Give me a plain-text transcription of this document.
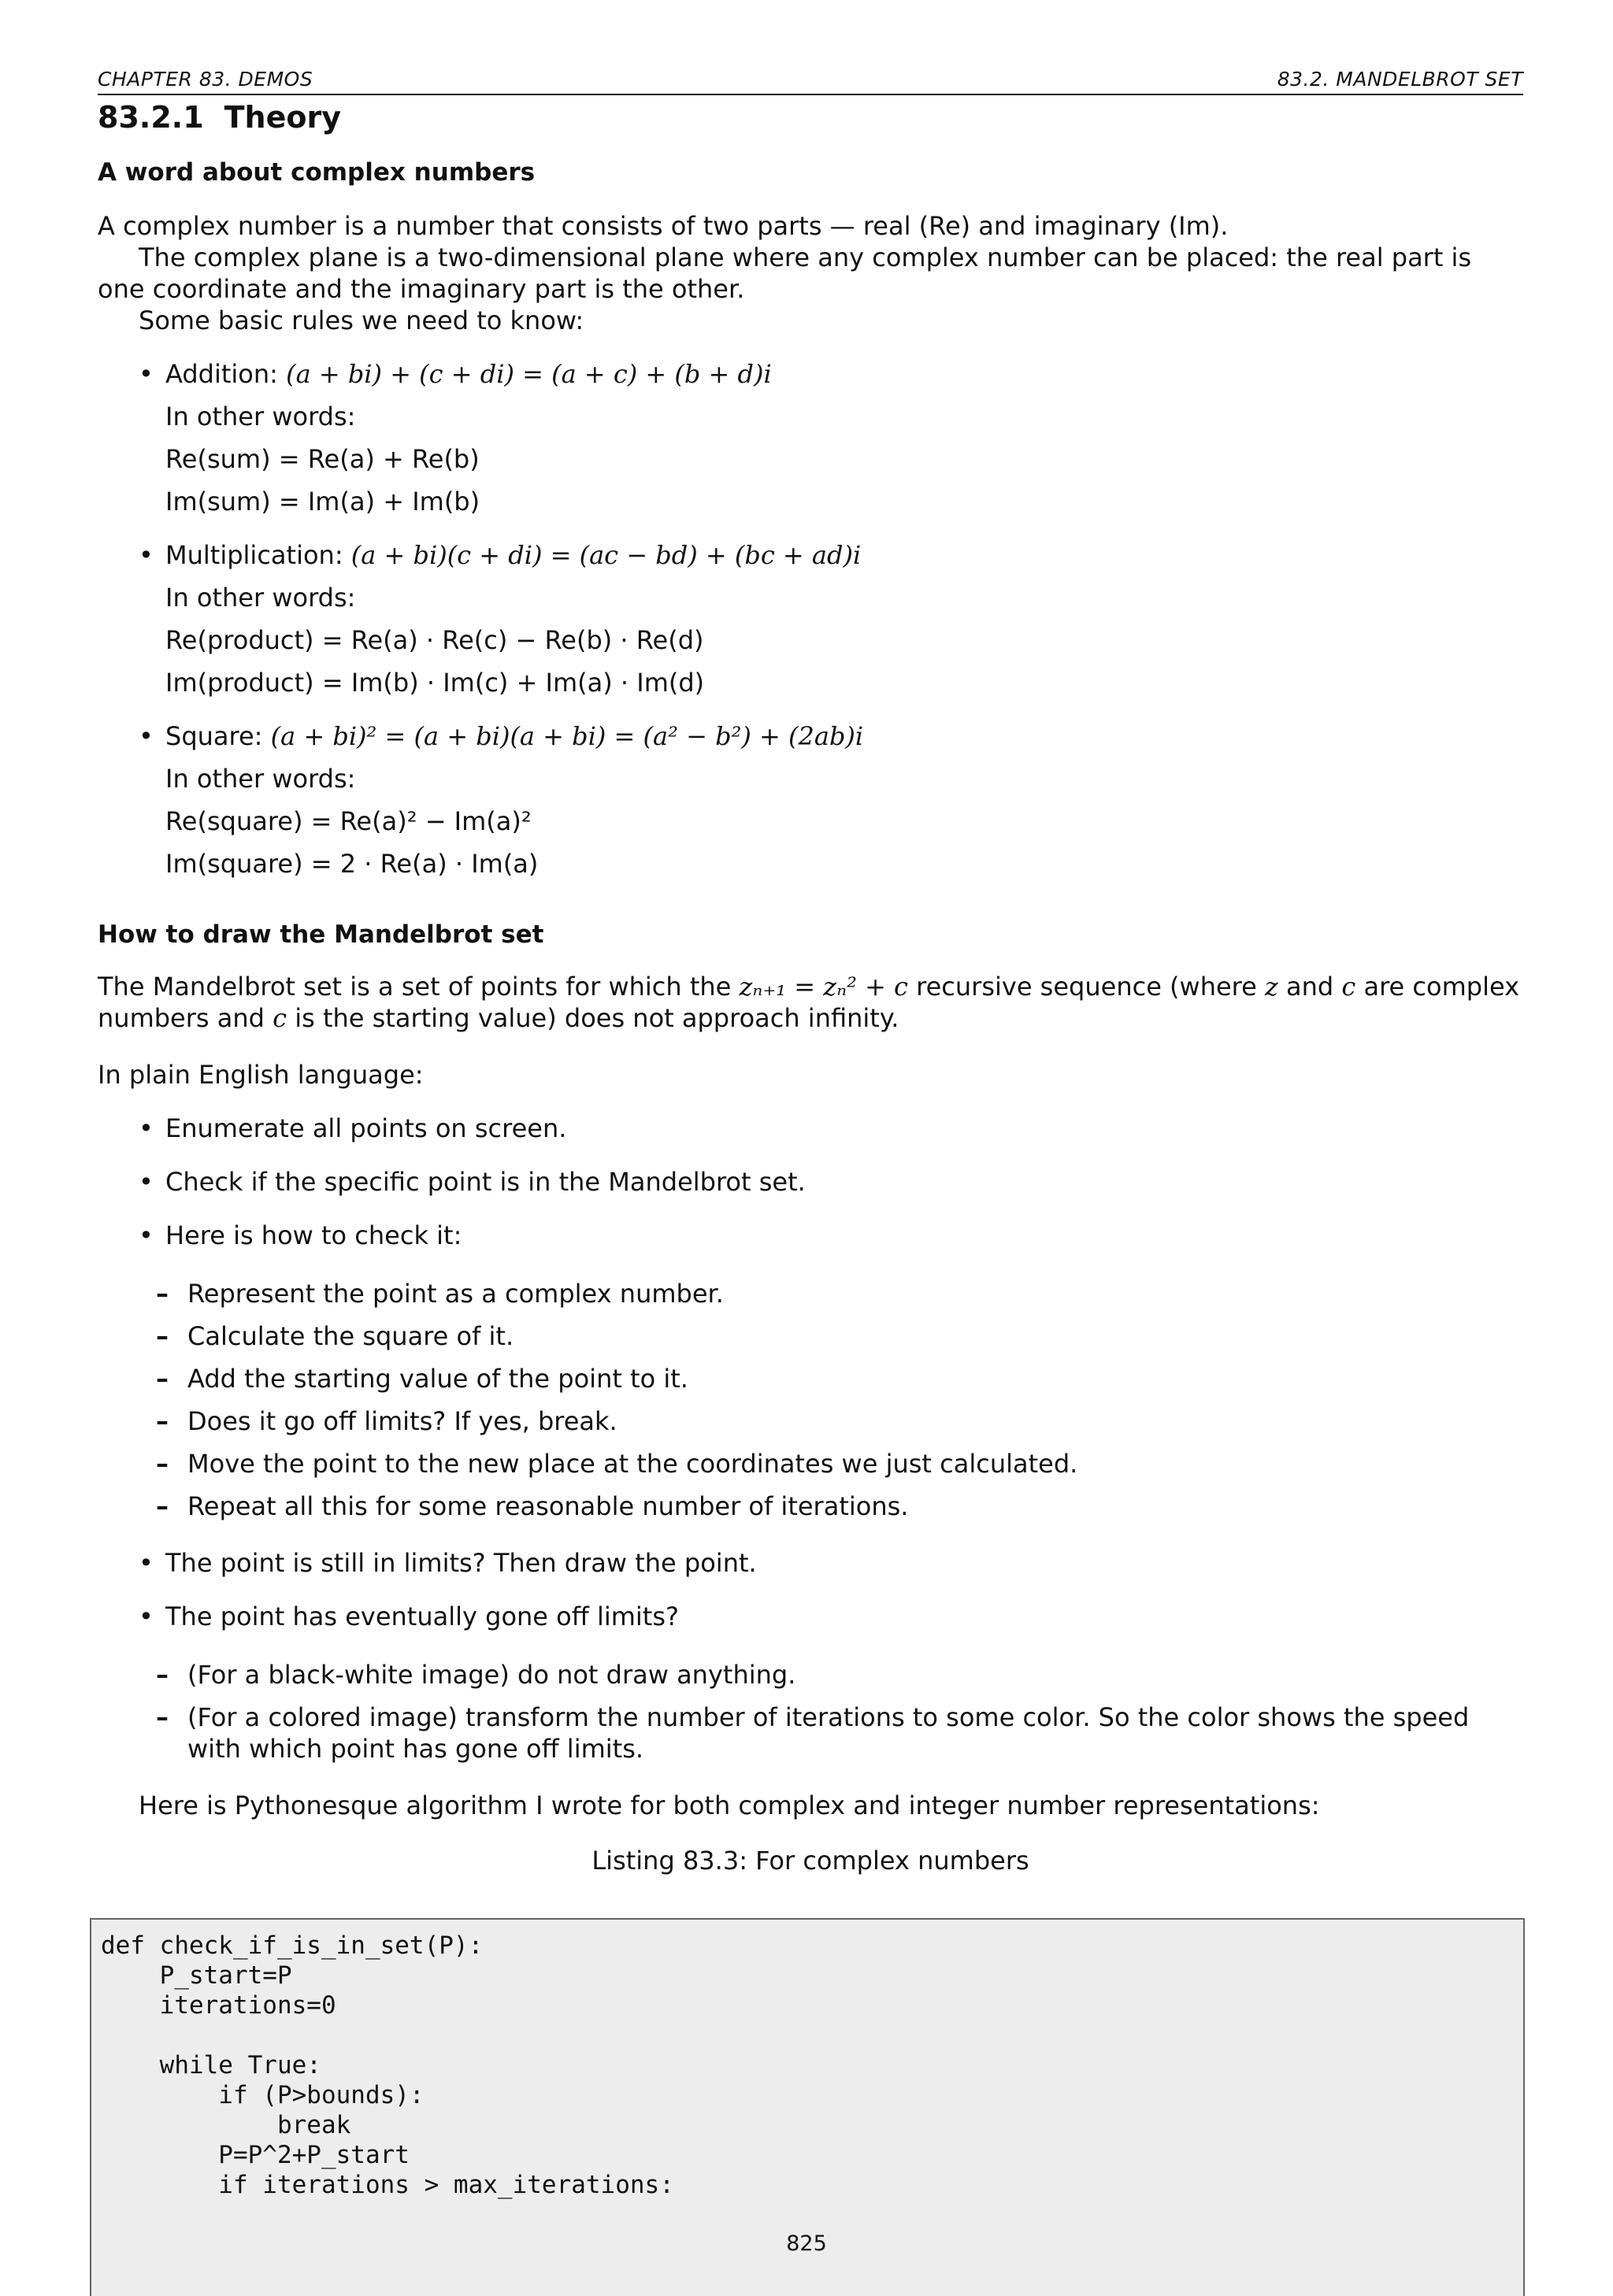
CHAPTER 83. DEMOS	83.2. MANDELBROT SET
83.2.1 Theory
A word about complex numbers

A complex number is a number that consists of two parts — real (Re) and imaginary (Im).

The complex plane is a two-dimensional plane where any complex number can be placed: the real part is one coordinate and the imaginary part is the other.

Some basic rules we need to know:

• Addition: (a + bi) + (c + di) = (a + c) + (b + d)i
In other words:
Re(sum) = Re(a) + Re(b)
Im(sum) = Im(a) + Im(b)
• Multiplication: (a + bi)(c + di) = (ac − bd) + (bc + ad)i
In other words:
Re(product) = Re(a) · Re(c) − Re(b) · Re(d)
Im(product) = Im(b) · Im(c) + Im(a) · Im(d)
• Square: (a + bi)² = (a + bi)(a + bi) = (a² − b²) + (2ab)i
In other words:
Re(square) = Re(a)² − Im(a)²
Im(square) = 2 · Re(a) · Im(a)
How to draw the Mandelbrot set

The Mandelbrot set is a set of points for which the zₙ₊₁ = zₙ² + c recursive sequence (where z and c are complex numbers and c is the starting value) does not approach infinity.

In plain English language:

• Enumerate all points on screen.
• Check if the specific point is in the Mandelbrot set.
• Here is how to check it:
– Represent the point as a complex number.
– Calculate the square of it.
– Add the starting value of the point to it.
– Does it go off limits? If yes, break.
– Move the point to the new place at the coordinates we just calculated.
– Repeat all this for some reasonable number of iterations.
• The point is still in limits? Then draw the point.
• The point has eventually gone off limits?
– (For a black-white image) do not draw anything.
– (For a colored image) transform the number of iterations to some color. So the color shows the speed with which point has gone off limits.

Here is Pythonesque algorithm I wrote for both complex and integer number representations:

Listing 83.3: For complex numbers
def check_if_is_in_set(P):
P_start=P
iterations=0

while True:
if (P>bounds):
break
P=P^2+P_start
if iterations > max_iterations:
825
